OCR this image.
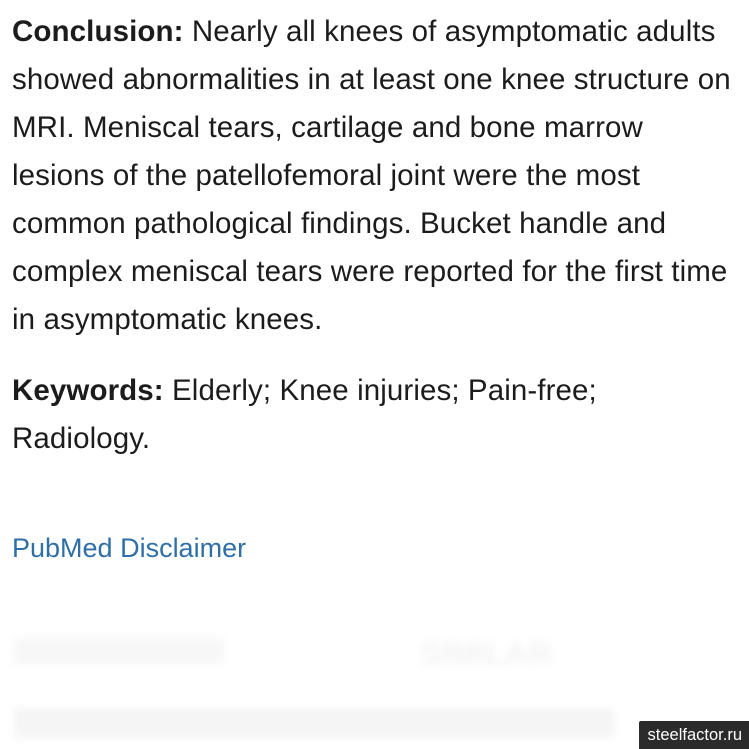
Conclusion: Nearly all knees of asymptomatic adults showed abnormalities in at least one knee structure on MRI. Meniscal tears, cartilage and bone marrow lesions of the patellofemoral joint were the most common pathological findings. Bucket handle and complex meniscal tears were reported for the first time in asymptomatic knees.

Keywords: Elderly; Knee injuries; Pain-free; Radiology.

PubMed Disclaimer
SIMILAR
steelfactor.ru
